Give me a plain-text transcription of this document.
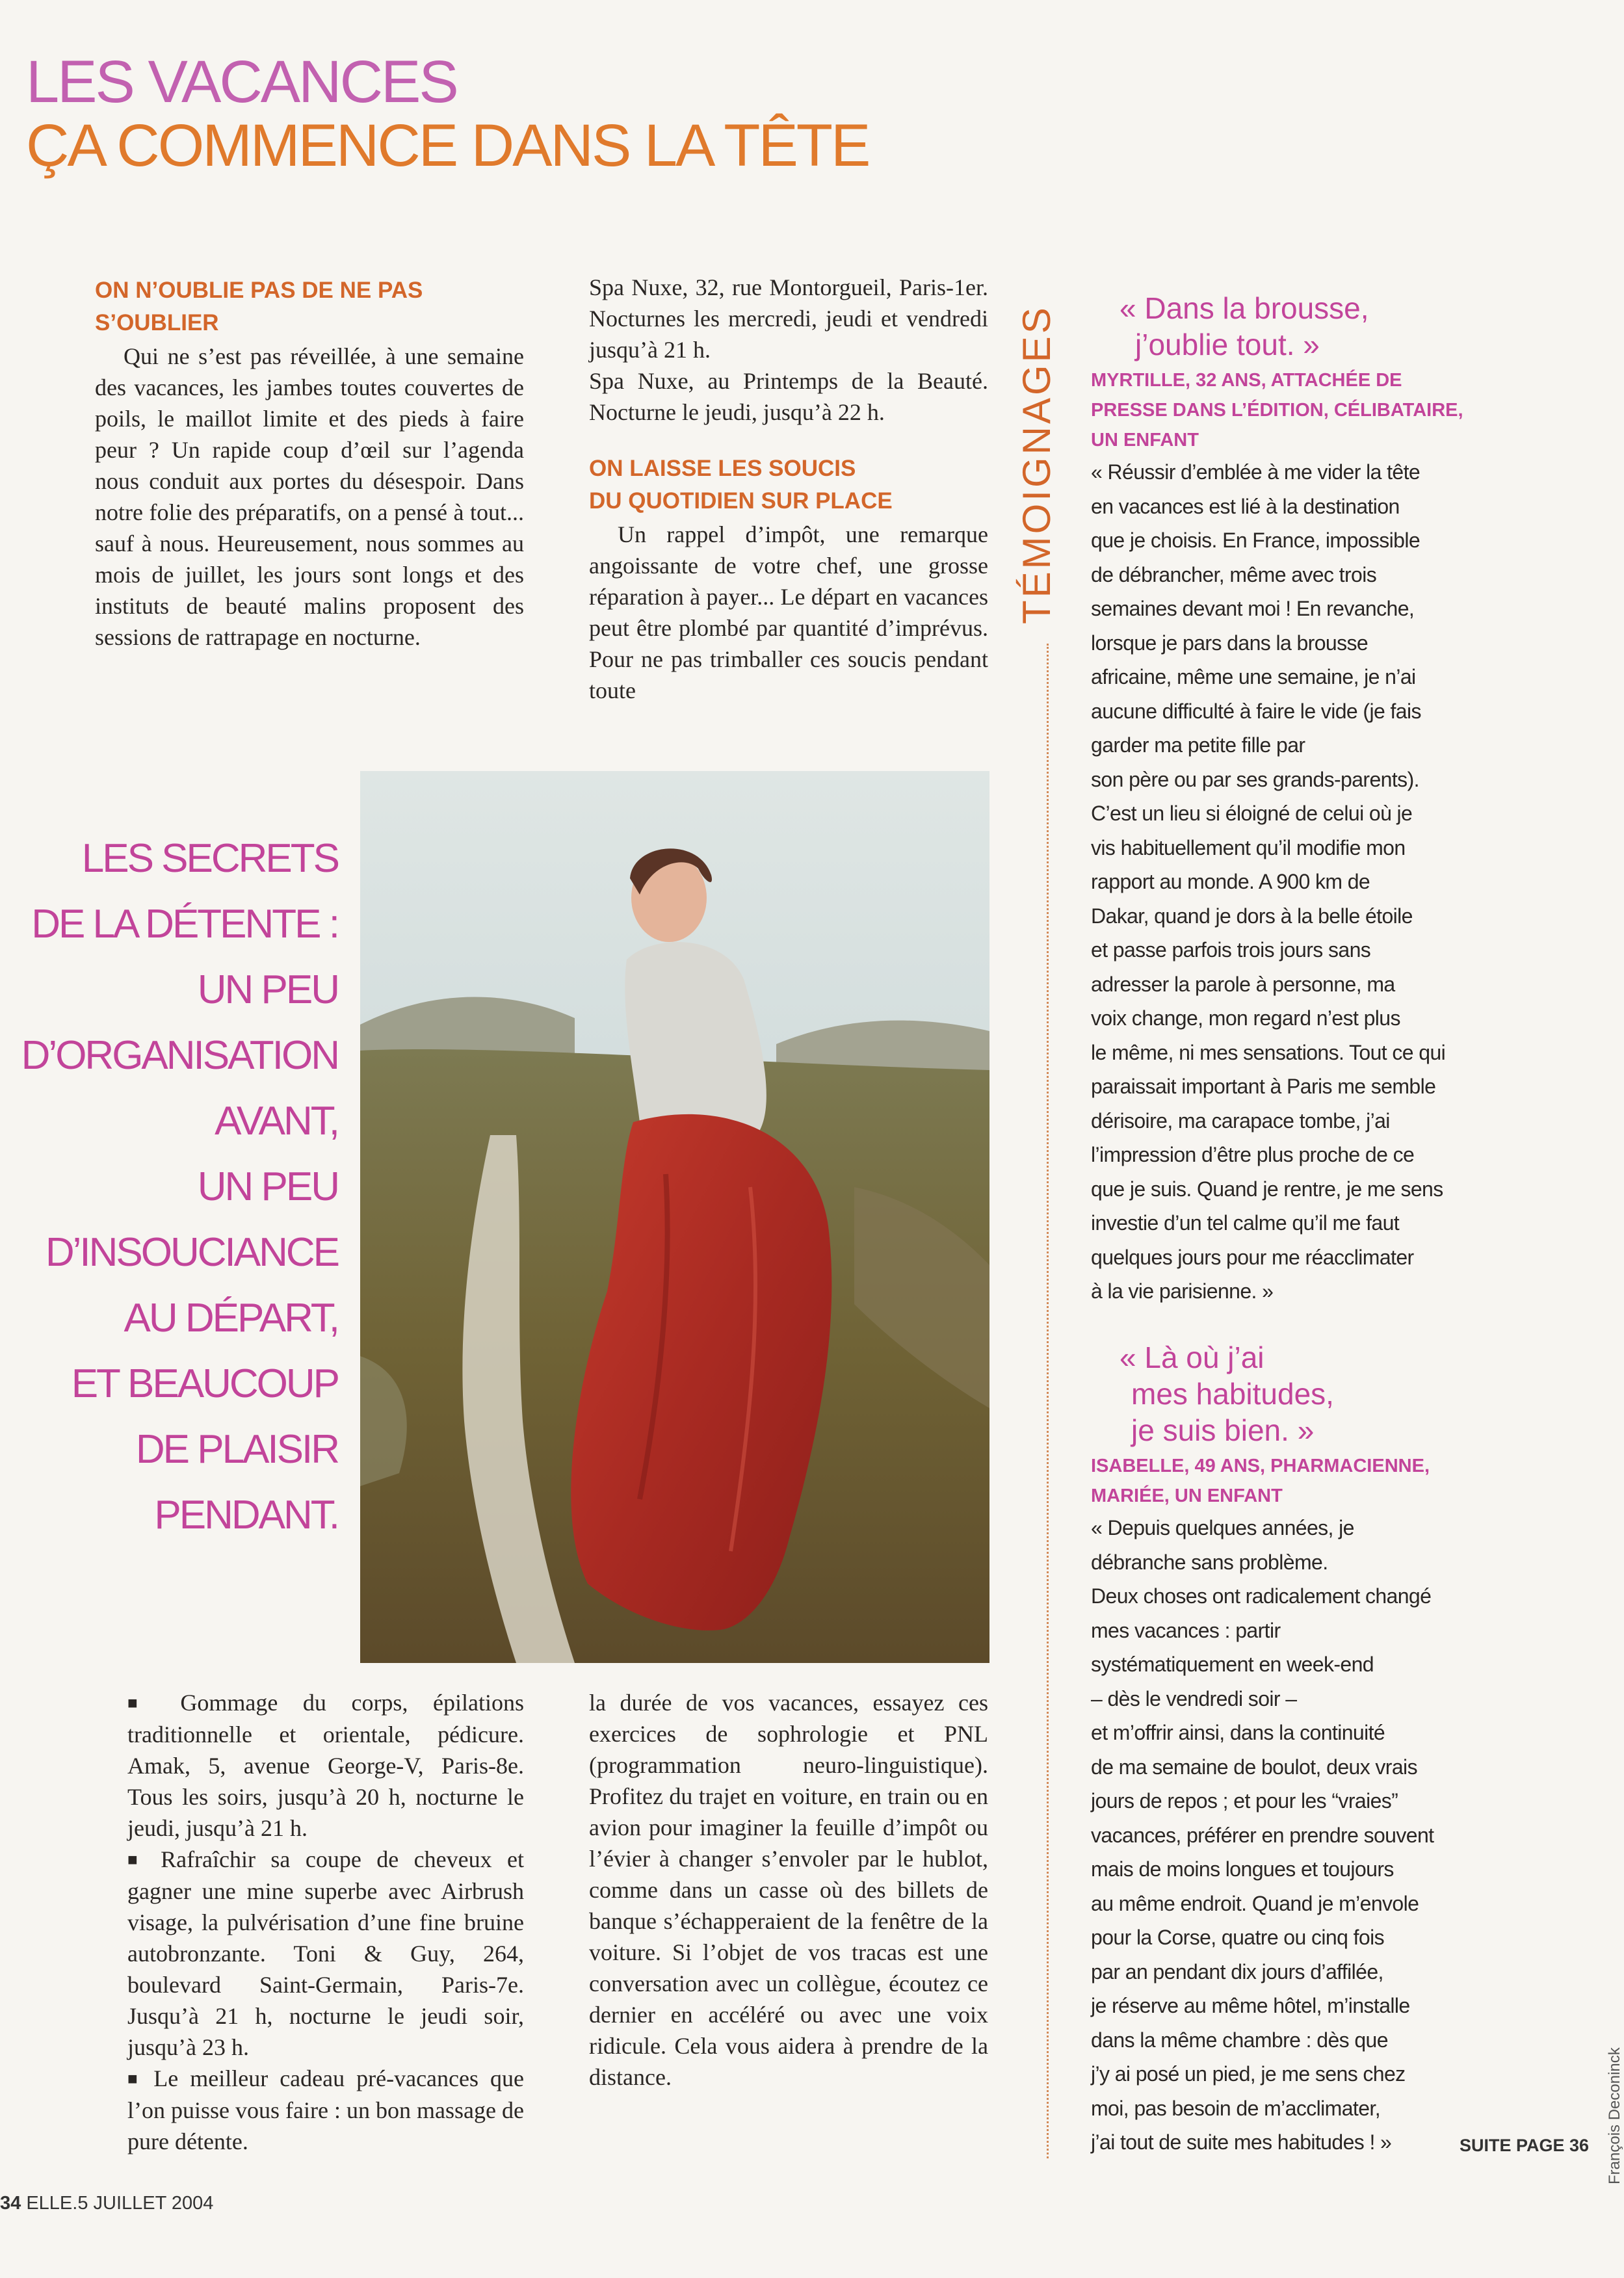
LES VACANCES
ÇA COMMENCE DANS LA TÊTE
ON N’OUBLIE PAS DE NE PAS
S’OUBLIER

Qui ne s’est pas réveillée, à une semaine des vacances, les jambes toutes couvertes de poils, le maillot limite et des pieds à faire peur ? Un rapide coup d’œil sur l’agenda nous conduit aux portes du désespoir. Dans notre folie des préparatifs, on a pensé à tout... sauf à nous. Heureusement, nous sommes au mois de juillet, les jours sont longs et des instituts de beauté malins proposent des sessions de rattrapage en nocturne.

Spa Nuxe, 32, rue Montorgueil, Paris-1er. Nocturnes les mercredi, jeudi et vendredi jusqu’à 21 h.

Spa Nuxe, au Printemps de la Beauté. Nocturne le jeudi, jusqu’à 22 h.

ON LAISSE LES SOUCIS
DU QUOTIDIEN SUR PLACE

Un rappel d’impôt, une remarque angoissante de votre chef, une grosse réparation à payer... Le départ en vacances peut être plombé par quantité d’imprévus. Pour ne pas trimballer ces soucis pendant toute

LES SECRETS
DE LA DÉTENTE :
UN PEU
D’ORGANISATION
AVANT,
UN PEU
D’INSOUCIANCE
AU DÉPART,
ET BEAUCOUP
DE PLAISIR
PENDANT.

■ Gommage du corps, épilations traditionnelle et orientale, pédicure. Amak, 5, avenue George-V, Paris-8e. Tous les soirs, jusqu’à 20 h, nocturne le jeudi, jusqu’à 21 h.

■ Rafraîchir sa coupe de cheveux et gagner une mine superbe avec Airbrush visage, la pulvérisation d’une fine bruine autobronzante. Toni & Guy, 264, boulevard Saint-Germain, Paris-7e. Jusqu’à 21 h, nocturne le jeudi soir, jusqu’à 23 h.

■ Le meilleur cadeau pré-vacances que l’on puisse vous faire : un bon massage de pure détente.

la durée de vos vacances, essayez ces exercices de sophrologie et PNL (programmation neuro-linguistique). Profitez du trajet en voiture, en train ou en avion pour imaginer la feuille d’impôt ou l’évier à changer s’envoler par le hublot, comme dans un casse où des billets de banque s’échapperaient de la fenêtre de la voiture. Si l’objet de vos tracas est une conversation avec un collègue, écoutez ce dernier en accéléré ou avec une voix ridicule. Cela vous aidera à prendre de la distance.

TÉMOIGNAGES « Dans la brousse,
j’oublie tout. »
MYRTILLE, 32 ANS, ATTACHÉE DE
PRESSE DANS L’ÉDITION, CÉLIBATAIRE,
UN ENFANT
« Réussir d’emblée à me vider la tête
en vacances est lié à la destination
que je choisis. En France, impossible
de débrancher, même avec trois
semaines devant moi ! En revanche,
lorsque je pars dans la brousse
africaine, même une semaine, je n’ai
aucune difficulté à faire le vide (je fais
garder ma petite fille par
son père ou par ses grands-parents).
C’est un lieu si éloigné de celui où je
vis habituellement qu’il modifie mon
rapport au monde. A 900 km de
Dakar, quand je dors à la belle étoile
et passe parfois trois jours sans
adresser la parole à personne, ma
voix change, mon regard n’est plus
le même, ni mes sensations. Tout ce qui
paraissait important à Paris me semble
dérisoire, ma carapace tombe, j’ai
l’impression d’être plus proche de ce
que je suis. Quand je rentre, je me sens
investie d’un tel calme qu’il me faut
quelques jours pour me réacclimater
à la vie parisienne. »
« Là où j’ai
mes habitudes,
je suis bien. »
ISABELLE, 49 ANS, PHARMACIENNE,
MARIÉE, UN ENFANT
« Depuis quelques années, je
débranche sans problème.
Deux choses ont radicalement changé
mes vacances : partir
systématiquement en week-end
– dès le vendredi soir –
et m’offrir ainsi, dans la continuité
de ma semaine de boulot, deux vrais
jours de repos ; et pour les “vraies”
vacances, préférer en prendre souvent
mais de moins longues et toujours
au même endroit. Quand je m’envole
pour la Corse, quatre ou cinq fois
par an pendant dix jours d’affilée,
je réserve au même hôtel, m’installe
dans la même chambre : dès que
j’y ai posé un pied, je me sens chez
moi, pas besoin de m’acclimater,
j’ai tout de suite mes habitudes ! »
34 ELLE.5 JUILLET 2004
SUITE PAGE 36 François Deconinck
